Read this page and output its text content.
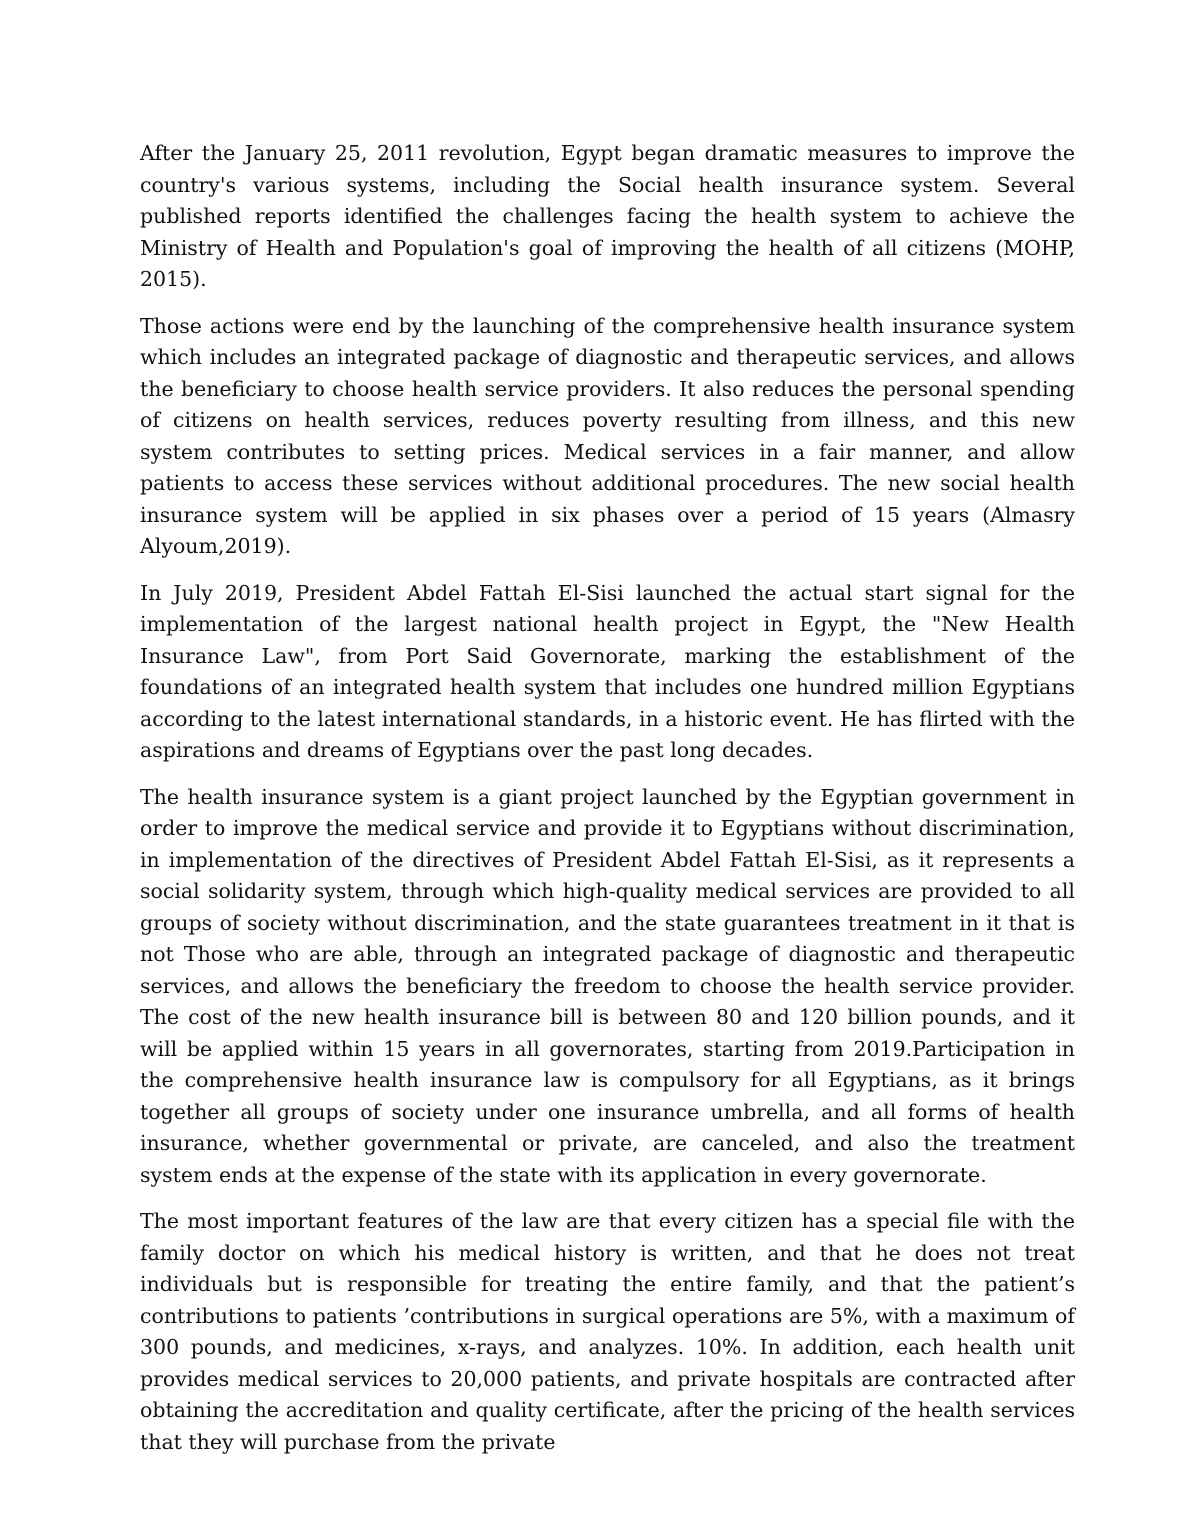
After the January 25, 2011 revolution, Egypt began dramatic measures to improve the country's various systems, including the Social health insurance system. Several published reports identified the challenges facing the health system to achieve the Ministry of Health and Population's goal of improving the health of all citizens (MOHP, 2015).

Those actions were end by the launching of the comprehensive health insurance system which includes an integrated package of diagnostic and therapeutic services, and allows the beneficiary to choose health service providers. It also reduces the personal spending of citizens on health services, reduces poverty resulting from illness, and this new system contributes to setting prices. Medical services in a fair manner, and allow patients to access these services without additional procedures. The new social health insurance system will be applied in six phases over a period of 15 years (Almasry Alyoum,2019).

In July 2019, President Abdel Fattah El-Sisi launched the actual start signal for the implementation of the largest national health project in Egypt, the "New Health Insurance Law", from Port Said Governorate, marking the establishment of the foundations of an integrated health system that includes one hundred million Egyptians according to the latest international standards, in a historic event. He has flirted with the aspirations and dreams of Egyptians over the past long decades.

The health insurance system is a giant project launched by the Egyptian government in order to improve the medical service and provide it to Egyptians without discrimination, in implementation of the directives of President Abdel Fattah El-Sisi, as it represents a social solidarity system, through which high-quality medical services are provided to all groups of society without discrimination, and the state guarantees treatment in it that is not Those who are able, through an integrated package of diagnostic and therapeutic services, and allows the beneficiary the freedom to choose the health service provider. The cost of the new health insurance bill is between 80 and 120 billion pounds, and it will be applied within 15 years in all governorates, starting from 2019.Participation in the comprehensive health insurance law is compulsory for all Egyptians, as it brings together all groups of society under one insurance umbrella, and all forms of health insurance, whether governmental or private, are canceled, and also the treatment system ends at the expense of the state with its application in every governorate.

The most important features of the law are that every citizen has a special file with the family doctor on which his medical history is written, and that he does not treat individuals but is responsible for treating the entire family, and that the patient’s contributions to patients ’contributions in surgical operations are 5%, with a maximum of 300 pounds, and medicines, x-rays, and analyzes. 10%. In addition, each health unit provides medical services to 20,000 patients, and private hospitals are contracted after obtaining the accreditation and quality certificate, after the pricing of the health services that they will purchase from the private
